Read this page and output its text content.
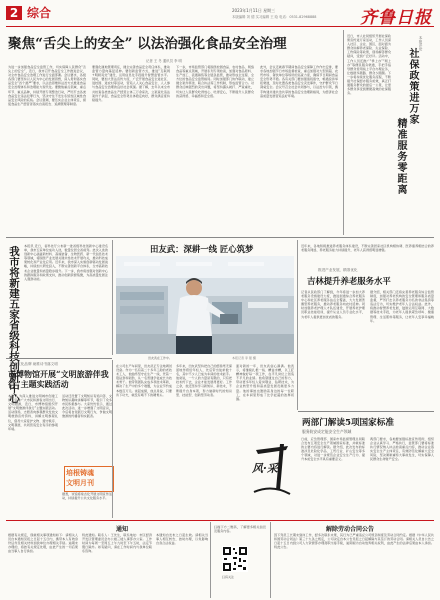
2 综合	2023年1月11日 星期三
本版编辑 刘 德 实习编辑 王 晗 电话：0531-82968888	齐鲁日报
聚焦“舌尖上的安全” 以法治强化食品安全治理
记者 王 冬 通讯员 李 明
为进一步加强食品安全监管工作，切实保障人民群众“舌尖上的安全”，近日，我市召开食品安全工作推进会议，对全市食品安全治理工作进行全面部署。会议要求，各级各部门要坚持以人民为中心的发展思想，深入贯彻落实食品安全“四个最严”要求，以法治思维和法治方式推进食品安全治理体系和治理能力现代化。要聚焦重点领域、重点环节、重点品种，持续开展专项整治行动，严厉打击各类食品安全违法犯罪行为，坚决守住不发生系统性区域性食品安全风险的底线。会议强调，要压实企业主体责任，督促食品生产经营者落实自查报告、追溯管理等制度。
要强化属地管理责任，健全完善食品安全责任体系，推动监管力量向基层延伸。要创新监管方式，推进“互联网+明厨亮灶”建设，运用信息化手段提升智慧监管水平。同时，要加大普法宣传力度，广泛开展食品安全进社区、进校园、进农村等活动，营造人人关心食品安全、人人参与食品安全治理的良好社会氛围。据了解，去年以来全市共检查各类食品生产经营主体三万余家次，立案查处违法案件千余起，食品安全形势总体稳定向好，群众满意度持续提升。
下一步，市场监管部门将围绕校园食品、农村食品、网络食品等重点领域，开展系列专项检查，加强对食品原料、生产加工、流通销售等全链条监管，推动形成全过程、全方位的食品安全监管格局。同时加强部门协作联动，建立健全案件移送、联合执法等工作机制，形成监管合力。对群众反映强烈的突出问题，将坚持露头就打、严查重处，切实让人民群众吃得放心、吃得安心，不断提升人民群众的获得感、幸福感和安全感。
此外，会议还就春节期间食品安全保障工作作出安排，要求各地加强节日市场监督检查，重点加强对大型商超、农贸市场、餐饮单位等场所的巡查力度，确保节日期间食品安全形势平稳。各有关部门要加强值班值守，畅通投诉举报渠道，及时处置各类食品安全突发事件，守护群众节日餐桌安全。会议号召全社会共同参与，以法治为引领，携手构建共建共治共享的食品安全治理新格局，为经济社会高质量发展营造良好环境。
近日，市人社局组织开展社保政策宣传进万家活动，工作人员深入社区、企业、园区，面对面为群众讲解养老保险、失业保险、工伤保险等政策，现场解答群众疑问，受到广泛好评。活动中，工作人员还推广“掌上办”“网上办”等便民服务渠道，手把手指导群众使用线上平台办理业务，让数据多跑路、群众少跑腿。下一步将持续优化服务流程，不断提升社保经办服务质效，真正打通服务群众的最后一公里，让更多群众享受到便捷高效的社保服务。
本报评论
社保政策进万家
精准服务零距离
我市将新建五家省级科技创新中心 本报讯 近日，省科技厅公布新一批省级科技创新中心建设名单，我市五家单位成功入选，数量位居全省前列。此次入选的创新中心涵盖新材料、高端装备、生物医药、新一代信息技术等领域，将围绕产业发展关键共性技术开展攻关，推动科技成果转化和产业化应用。近年来，我市深入实施创新驱动发展战略，持续加大研发投入，不断完善创新平台体系，全市高新技术企业数量和质量稳步提升。下一步，我市将加强对创新中心的跟踪服务和政策支持，推动创新资源集聚，为高质量发展注入强劲动能。
田友武：深耕一线 匠心筑梦
田友武在工作中。	本报记者 李 强 摄
在公司生产车间里，田友武正专注地调试设备。作为一名有着二十多年工龄的老技术工人，他始终坚守在生产一线，凭着一股钻劲和韧劲，从一名普通学徒成长为技术骨干。他带领团队完成多项技术革新，解决了生产中的多个难题，为企业节约成本数百万元。谈起成绩，他总是说，只要肯下功夫，就没有啃不下的硬骨头。
多年来，田友武坚持把自己的经验毫无保留地传授给年轻人，先后带出徒弟数十名，其中不少人已成为车间的技术能手。他常说，一个人的力量是有限的，只有把技术传下去，企业才能发展得更好。工作之余，他还坚持学习新知识、新技术，不断提升自身本领，努力做新时代的知识型、技能型、创新型劳动者。
面对新的一年，田友武信心满满。他表示，将继续扎根一线、精益求精，以工匠精神做好每一项工作，在平凡岗位上创造不平凡的业绩。他希望通过自己的努力，带动更多年轻人爱岗敬业、钻研技术，为企业转型升级和高质量发展贡献更多力量。他的事迹也激励着身边的每一位职工，在车间里形成了比学赶超的浓厚氛围。
近年来，各地积极推进养老服务体系建设，不断完善居家社区机构相协调、医养康养相结合的养老服务网络，养老服务能力持续提升，老年人获得感明显增强。
推进产业发展，精准优化
吉林提升养老服务水平
记者从民政部门了解到，今年将进一步加大养老服务设施建设力度，推进街道综合养老服务中心和社区养老服务站点全覆盖，大力发展普惠型养老服务，推动养老服务向农村延伸。同时加强养老护理人才队伍建设，开展养老护理员职业技能培训，提升从业人员专业化水平，为老年人提供更加优质的服务。
据介绍，相关部门还将完善养老服务综合监管制度，加强对养老机构的安全管理和服务质量监督，严厉打击以养老服务为名的非法集资等违法行为，切实维护老年人合法权益。此外，将推动智慧养老发展，鼓励运用互联网、大数据等技术手段，为老年人提供紧急呼叫、健康管理、生活照料等服务，让老年人安享幸福晚年。
精书文化品牌 助推诗书落文明
市博物馆开展“文明旅游伴我行”主题实践活动
本报讯 为深入推进文明城市创建工作，引导广大市民和游客文明出行、文明旅游，近日，市博物馆组织开展“文明旅游伴我行”主题实践活动。活动现场，志愿者向参观群众发放文明旅游宣传资料，讲解文明参观礼仪，倡导大家爱护文物、遵守秩序、文明观展，共同营造安全有序的参观环境。
活动还设置了文明知识有奖问答、文物知识趣味讲解等环节，吸引了众多市民积极参与。大家纷纷表示，通过此次活动，进一步增强了文明意识，今后将自觉践行文明行为，争做文明旅游的传播者和实践者。
培根铸魂
文明月刊
据悉，该馆将常态化开展文明宣传活动，持续提升公共文化服务水平。
两部门解读5项国家标准
服务防安成定能安全生产领域
日前，应急管理部、国家市场监督管理总局联合发布五项安全生产领域国家标准，并就标准的主要内容进行解读。据介绍，此次发布的标准涉及危险化学品、工贸行业、矿山安全等多个领域，对进一步规范企业安全生产行为、提升本质安全水平具有重要意义。
两部门要求，各地要加强标准宣传贯彻，组织企业认真学习、严格执行，监管部门要将标准执行情况纳入执法检查重点内容，推动企业落实安全生产主体责任，有效防范化解重大安全风险，坚决遏制重特大事故发生，切实保障人民群众生命财产安全。
风·采
通知
根据有关规定，现就相关事项通知如下：请相关人员自本通知见报之日起十五日内，携带本人有效身份证件及相关材料到我单位办理相关手续。逾期未办理的，将按有关规定处理，由此产生的一切后果由当事人自行承担。
特此通知。联系人：王先生，联系地址：市区经济开发区管理委员会办公楼三楼人事部办公室。工作时间为每周一至周五上午九时至下午五时，法定节假日除外。如有疑问，请在工作时间内与我单位联系咨询。
本通知自发布之日起生效。请相关当事人相互转告，按时办理，以免影响自身合法权益。
扫描下方二维码，了解更多相关信息及服务内容。
扫码关注
解除劳动合同公告
因下列员工长期未到岗工作，经多次联系未果，其行为已严重违反公司规章制度及劳动合同约定。根据《中华人民共和国劳动合同法》第三十九条之规定，公司决定自本公告见报之日起解除与其签订的劳动合同。请相关人员自公告之日起十五日内到公司人力资源部办理离职交接手续，逾期视为自动放弃相关权利，由此产生的法律后果由本人承担。特此公告。
